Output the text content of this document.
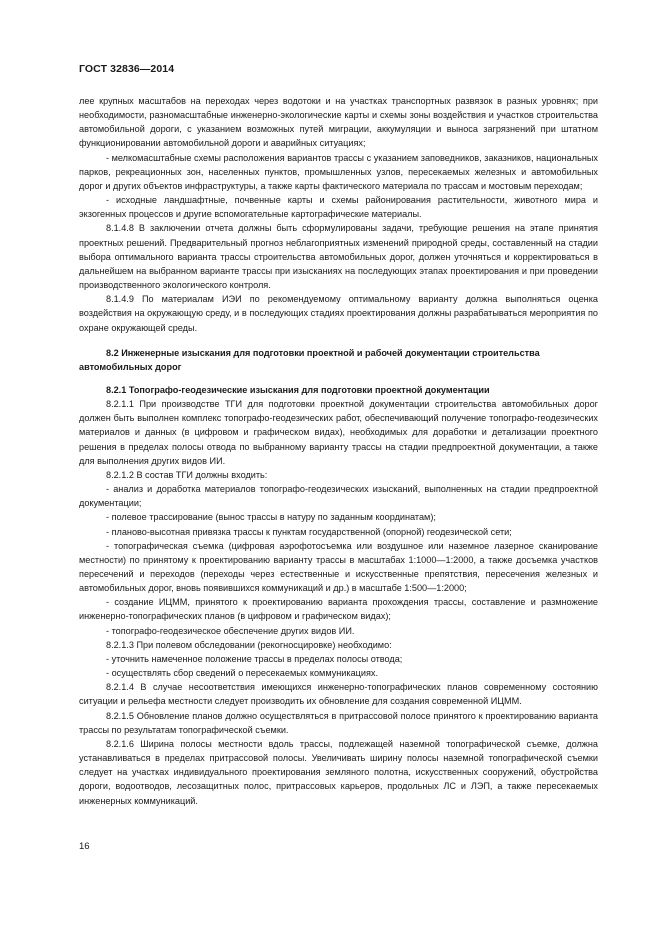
ГОСТ 32836—2014

лее крупных масштабов на переходах через водотоки и на участках транспортных развязок в разных уровнях; при необходимости, разномасштабные инженерно-экологические карты и схемы зоны воздействия и участков строительства автомобильной дороги, с указанием возможных путей миграции, аккумуляции и выноса загрязнений при штатном функционировании автомобильной дороги и аварийных ситуациях;

- мелкомасштабные схемы расположения вариантов трассы с указанием заповедников, заказников, национальных парков, рекреационных зон, населенных пунктов, промышленных узлов, пересекаемых железных и автомобильных дорог и других объектов инфраструктуры, а также карты фактического материала по трассам и мостовым переходам;

- исходные ландшафтные, почвенные карты и схемы районирования растительности, животного мира и экзогенных процессов и другие вспомогательные картографические материалы.

8.1.4.8 В заключении отчета должны быть сформулированы задачи, требующие решения на этапе принятия проектных решений. Предварительный прогноз неблагоприятных изменений природной среды, составленный на стадии выбора оптимального варианта трассы строительства автомобильных дорог, должен уточняться и корректироваться в дальнейшем на выбранном варианте трассы при изысканиях на последующих этапах проектирования и при проведении производственного экологического контроля.

8.1.4.9 По материалам ИЭИ по рекомендуемому оптимальному варианту должна выполняться оценка воздействия на окружающую среду, и в последующих стадиях проектирования должны разрабатываться мероприятия по охране окружающей среды.

8.2 Инженерные изыскания для подготовки проектной и рабочей документации строительства автомобильных дорог
8.2.1 Топографо-геодезические изыскания для подготовки проектной документации

8.2.1.1 При производстве ТГИ для подготовки проектной документации строительства автомобильных дорог должен быть выполнен комплекс топографо-геодезических работ, обеспечивающий получение топографо-геодезических материалов и данных (в цифровом и графическом видах), необходимых для доработки и детализации проектного решения в пределах полосы отвода по выбранному варианту трассы на стадии предпроектной документации, а также для выполнения других видов ИИ.

8.2.1.2 В состав ТГИ должны входить:

- анализ и доработка материалов топографо-геодезических изысканий, выполненных на стадии предпроектной документации;

- полевое трассирование (вынос трассы в натуру по заданным координатам);

- планово-высотная привязка трассы к пунктам государственной (опорной) геодезической сети;

- топографическая съемка (цифровая аэрофотосъемка или воздушное или наземное лазерное сканирование местности) по принятому к проектированию варианту трассы в масштабах 1:1000—1:2000, а также досъемка участков пересечений и переходов (переходы через естественные и искусственные препятствия, пересечения железных и автомобильных дорог, вновь появившихся коммуникаций и др.) в масштабе 1:500—1:2000;

- создание ИЦММ, принятого к проектированию варианта прохождения трассы, составление и размножение инженерно-топографических планов (в цифровом и графическом видах);

- топографо-геодезическое обеспечение других видов ИИ.

8.2.1.3 При полевом обследовании (рекогносцировке) необходимо:

- уточнить намеченное положение трассы в пределах полосы отвода;

- осуществлять сбор сведений о пересекаемых коммуникациях.

8.2.1.4 В случае несоответствия имеющихся инженерно-топографических планов современному состоянию ситуации и рельефа местности следует производить их обновление для создания современной ИЦММ.

8.2.1.5 Обновление планов должно осуществляться в притрассовой полосе принятого к проектированию варианта трассы по результатам топографической съемки.

8.2.1.6 Ширина полосы местности вдоль трассы, подлежащей наземной топографической съемке, должна устанавливаться в пределах притрассовой полосы. Увеличивать ширину полосы наземной топографической съемки следует на участках индивидуального проектирования земляного полотна, искусственных сооружений, обустройства дороги, водоотводов, лесозащитных полос, притрассовых карьеров, продольных ЛС и ЛЭП, а также пересекаемых инженерных коммуникаций.

16
